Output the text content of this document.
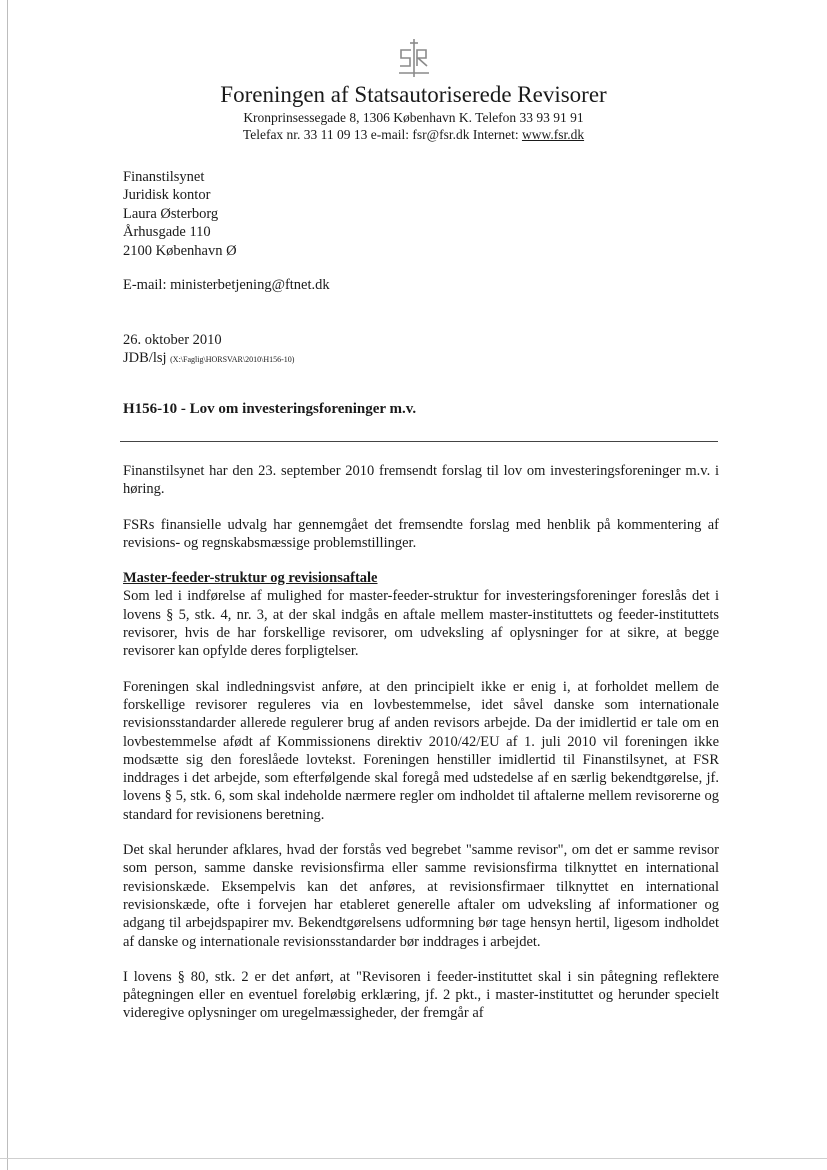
Foreningen af Statsautoriserede Revisorer
Kronprinsessegade 8, 1306 København K. Telefon 33 93 91 91
Telefax nr. 33 11 09 13 e-mail: fsr@fsr.dk Internet: www.fsr.dk
Finanstilsynet
Juridisk kontor
Laura Østerborg
Århusgade 110
2100 København Ø
E-mail: ministerbetjening@ftnet.dk
26. oktober 2010
JDB/lsj (X:\Faglig\HORSVAR\2010\H156-10)
H156-10 - Lov om investeringsforeninger m.v.

Finanstilsynet har den 23. september 2010 fremsendt forslag til lov om investeringsforeninger m.v. i høring.

FSRs finansielle udvalg har gennemgået det fremsendte forslag med henblik på kommentering af revisions- og regnskabsmæssige problemstillinger.

Master-feeder-struktur og revisionsaftale

Som led i indførelse af mulighed for master-feeder-struktur for investeringsforeninger foreslås det i lovens § 5, stk. 4, nr. 3, at der skal indgås en aftale mellem master-instituttets og feeder-instituttets revisorer, hvis de har forskellige revisorer, om udveksling af oplysninger for at sikre, at begge revisorer kan opfylde deres forpligtelser.

Foreningen skal indledningsvist anføre, at den principielt ikke er enig i, at forholdet mellem de forskellige revisorer reguleres via en lovbestemmelse, idet såvel danske som internationale revisionsstandarder allerede regulerer brug af anden revisors arbejde. Da der imidlertid er tale om en lovbestemmelse afødt af Kommissionens direktiv 2010/42/EU af 1. juli 2010 vil foreningen ikke modsætte sig den foreslåede lovtekst. Foreningen henstiller imidlertid til Finanstilsynet, at FSR inddrages i det arbejde, som efterfølgende skal foregå med udstedelse af en særlig bekendtgørelse, jf. lovens § 5, stk. 6, som skal indeholde nærmere regler om indholdet til aftalerne mellem revisorerne og standard for revisionens beretning.

Det skal herunder afklares, hvad der forstås ved begrebet "samme revisor", om det er samme revisor som person, samme danske revisionsfirma eller samme revisionsfirma tilknyttet en international revisionskæde. Eksempelvis kan det anføres, at revisionsfirmaer tilknyttet en international revisionskæde, ofte i forvejen har etableret generelle aftaler om udveksling af informationer og adgang til arbejdspapirer mv. Bekendtgørelsens udformning bør tage hensyn hertil, ligesom indholdet af danske og internationale revisionsstandarder bør inddrages i arbejdet.

I lovens § 80, stk. 2 er det anført, at "Revisoren i feeder-instituttet skal i sin påtegning reflektere påtegningen eller en eventuel foreløbig erklæring, jf. 2 pkt., i master-instituttet og herunder specielt videregive oplysninger om uregelmæssigheder, der fremgår af
